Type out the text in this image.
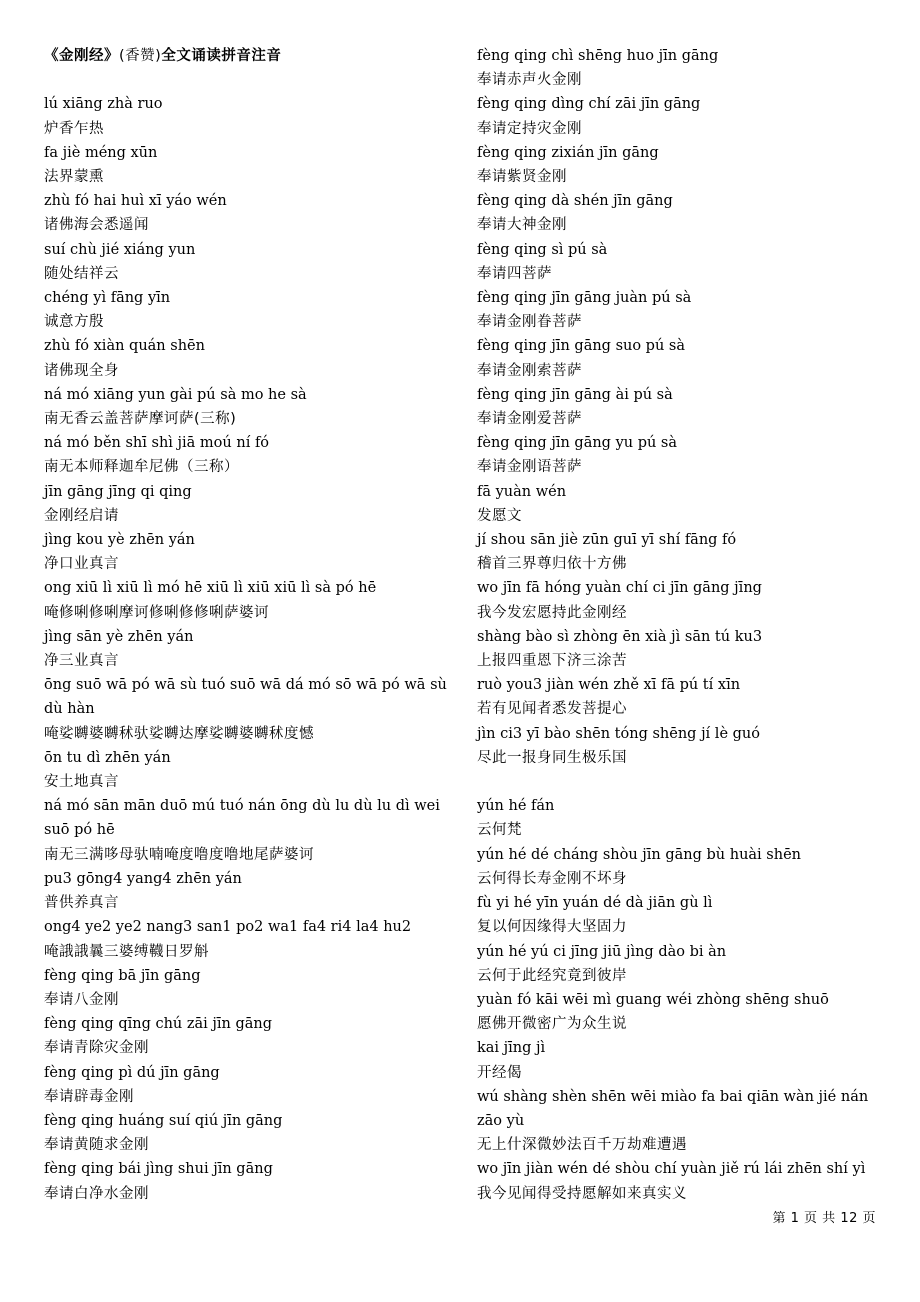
《金刚经》(香赞)全文诵读拼音注音
lú xiāng zhà ruo
炉香乍热
fa jiè méng xūn
法界蒙熏
zhù fó hai huì xī yáo wén
诸佛海会悉遥闻
suí chù jié xiáng yun
随处结祥云
chéng yì fāng yīn
诚意方殷
zhù fó xiàn quán shēn
诸佛现全身
ná mó xiāng yun gài pú sà mo he sà
南无香云盖菩萨摩诃萨(三称)
ná mó běn shī shì jiā moú ní fó
南无本师释迦牟尼佛（三称）
jīn gāng jīng qi qing
金刚经启请
jìng kou yè zhēn yán
净口业真言
ong xiū lì xiū lì mó hē xiū lì xiū xiū lì sà pó hē
唵修唎修唎摩诃修唎修修唎萨婆诃
jìng sān yè zhēn yán
净三业真言
ōng suō wā pó wā sù tuó suō wā dá mó sō wā pó wā sù dù hàn
唵娑嚩婆嚩秫驮娑嚩达摩娑嚩婆嚩秫度憾
ōn tu dì zhēn yán
安土地真言
ná mó sān mān duō mú tuó nán ōng dù lu dù lu dì wei suō pó hē
南无三满哆母驮喃唵度噜度噜地尾萨婆诃
pu3 gōng4 yang4 zhēn yán
普供养真言
ong4 ye2 ye2 nang3 san1 po2 wa1 fa4 ri4 la4 hu2
唵誐誐曩三婆缚韈日罗斛
fèng qing bā jīn gāng
奉请八金刚
fèng qing qīng chú zāi jīn gāng
奉请青除灾金刚
fèng qing pì dú jīn gāng
奉请辟毒金刚
fèng qing huáng suí qiú jīn gāng
奉请黄随求金刚
fèng qing bái jìng shui jīn gāng
奉请白净水金刚
fèng qing chì shēng huo jīn gāng
奉请赤声火金刚
fèng qing dìng chí zāi jīn gāng
奉请定持灾金刚
fèng qing zixián jīn gāng
奉请紫贤金刚
fèng qing dà shén jīn gāng
奉请大神金刚
fèng qing sì pú sà
奉请四菩萨
fèng qing jīn gāng juàn pú sà
奉请金刚眷菩萨
fèng qing jīn gāng suo pú sà
奉请金刚索菩萨
fèng qing jīn gāng ài pú sà
奉请金刚爱菩萨
fèng qing jīn gāng yu pú sà
奉请金刚语菩萨
fā yuàn wén
发愿文
jí shou sān jiè zūn guī yī shí fāng fó
稽首三界尊归依十方佛
wo jīn fā hóng yuàn chí ci jīn gāng jīng
我今发宏愿持此金刚经
shàng bào sì zhòng ēn xià jì sān tú ku3
上报四重恩下济三涂苦
ruò you3 jiàn wén zhě xī fā pú tí xīn
若有见闻者悉发菩提心
jìn ci3 yī bào shēn tóng shēng jí lè guó
尽此一报身同生极乐国
yún hé fán
云何梵
yún hé dé cháng shòu jīn gāng bù huài shēn
云何得长寿金刚不坏身
fù yi hé yīn yuán dé dà jiān gù lì
复以何因缘得大坚固力
yún hé yú ci jīng jiū jìng dào bi àn
云何于此经究竟到彼岸
yuàn fó kāi wēi mì guang wéi zhòng shēng shuō
愿佛开微密广为众生说
kai jīng jì
开经偈
wú shàng shèn shēn wēi miào fa bai qiān wàn jié nán zāo yù
无上什深微妙法百千万劫难遭遇
wo jīn jiàn wén dé shòu chí yuàn jiě rú lái zhēn shí yì
我今见闻得受持愿解如来真实义
第 1 页 共 12 页
